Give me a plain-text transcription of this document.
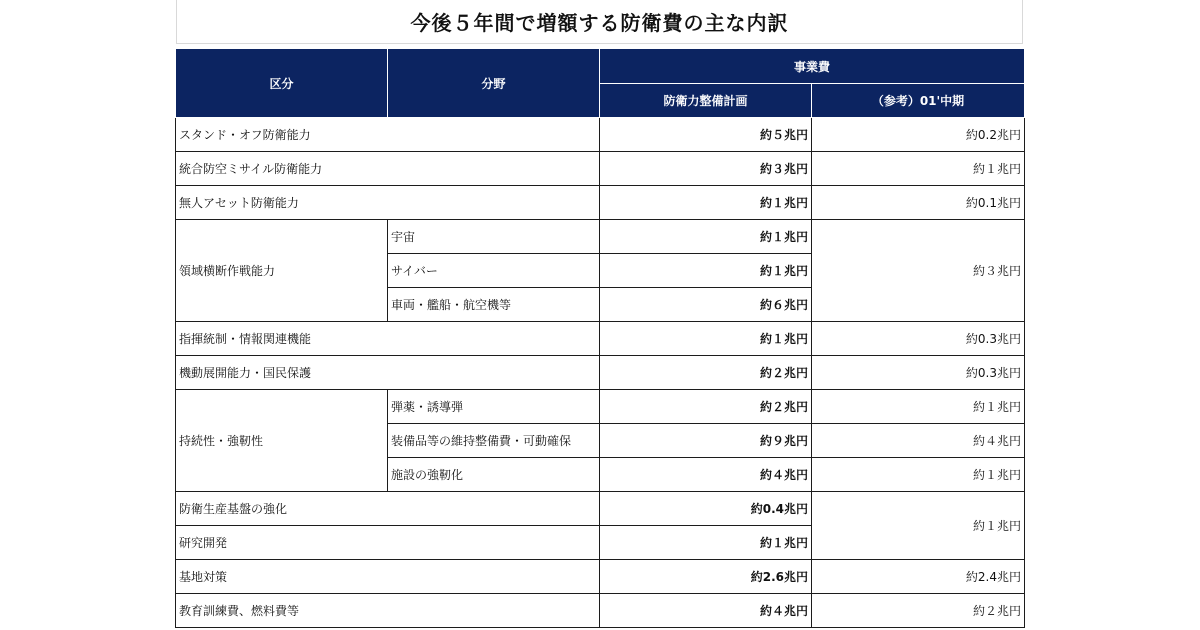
今後５年間で増額する防衛費の主な内訳
区分	分野	事業費	
		防衛力整備計画	（参考）01'中期
スタンド・オフ防衛能力		約５兆円	約0.2兆円
統合防空ミサイル防衛能力		約３兆円	約１兆円
無人アセット防衛能力		約１兆円	約0.1兆円
領域横断作戦能力	宇宙	約１兆円	約３兆円
	サイバー	約１兆円	
	車両・艦船・航空機等	約６兆円	
指揮統制・情報関連機能		約１兆円	約0.3兆円
機動展開能力・国民保護		約２兆円	約0.3兆円
持続性・強靭性	弾薬・誘導弾	約２兆円	約１兆円
	装備品等の維持整備費・可動確保	約９兆円	約４兆円
	施設の強靭化	約４兆円	約１兆円
防衛生産基盤の強化		約0.4兆円	約１兆円
研究開発		約１兆円	
基地対策		約2.6兆円	約2.4兆円
教育訓練費、燃料費等		約４兆円	約２兆円
